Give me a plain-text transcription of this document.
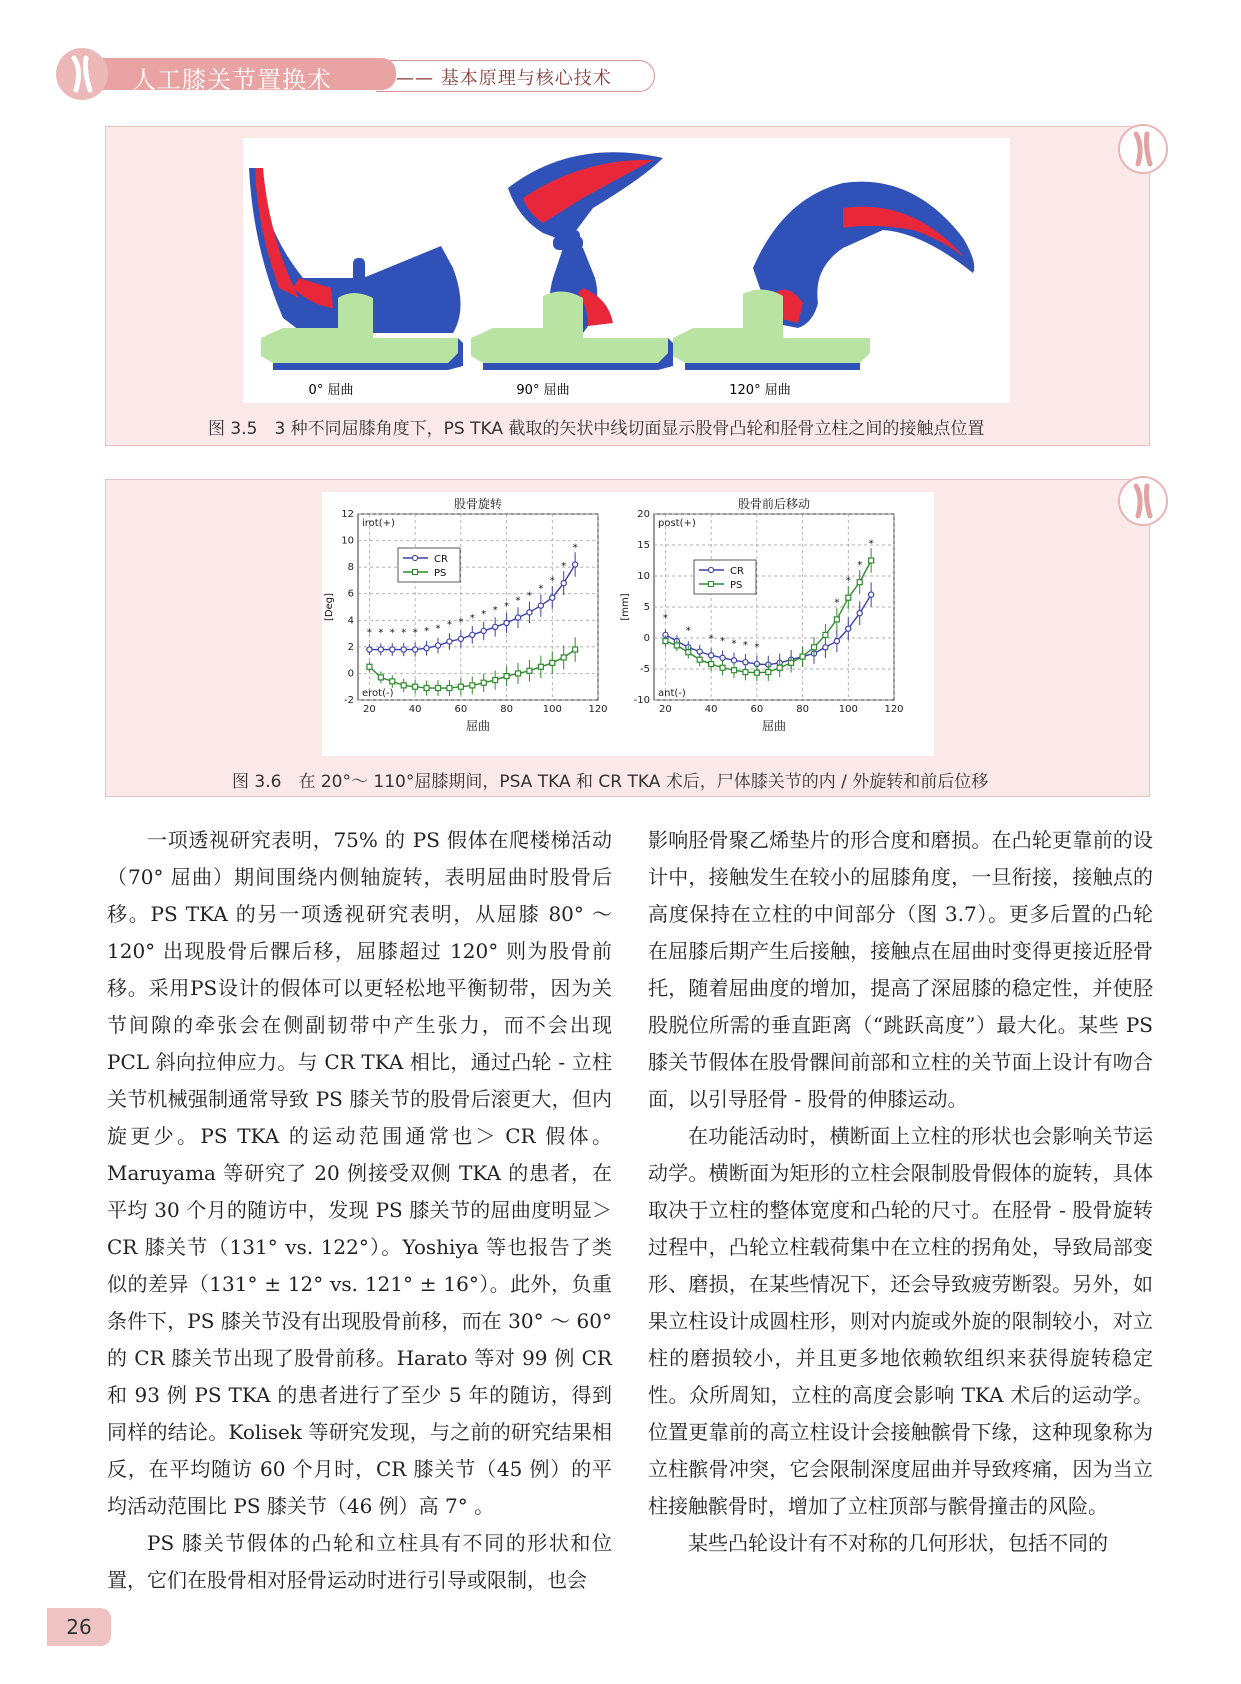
人工膝关节置换术	—— 基本原理与核心技术
0° 屈曲	90° 屈曲	120° 屈曲
图 3.5　3 种不同屈膝角度下，PS TKA 截取的矢状中线切面显示股骨凸轮和胫骨立柱之间的接触点位置
20	40	60	80	100	120
-2
0
2
4
6
8
10
12
股骨旋转
屈曲
[Deg]
irot(+)
erot(-)
* * * * * * * * * * * * * * *
*
*
*
*
CR
PS
20	40	60	80	100	120
-10
-5
0
5
10
15
20
股骨前后移动
屈曲
[mm]
post(+)
ant(-)
*
*
* * * * *
*
*
*
*
CR
PS
图 3.6　在 20°～ 110°屈膝期间，PSA TKA 和 CR TKA 术后，尸体膝关节的内 / 外旋转和前后位移

一项透视研究表明，75% 的 PS 假体在爬楼梯活动（70° 屈曲）期间围绕内侧轴旋转，表明屈曲时股骨后移。PS TKA 的另一项透视研究表明，从屈膝 80° ～ 120° 出现股骨后髁后移，屈膝超过 120° 则为股骨前移。采用PS设计的假体可以更轻松地平衡韧带，因为关节间隙的牵张会在侧副韧带中产生张力，而不会出现 PCL 斜向拉伸应力。与 CR TKA 相比，通过凸轮 - 立柱关节机械强制通常导致 PS 膝关节的股骨后滚更大，但内旋更少。PS TKA 的运动范围通常也＞ CR 假体。Maruyama 等研究了 20 例接受双侧 TKA 的患者，在平均 30 个月的随访中，发现 PS 膝关节的屈曲度明显＞ CR 膝关节（131° vs. 122°）。Yoshiya 等也报告了类似的差异（131° ± 12° vs. 121° ± 16°）。此外，负重条件下，PS 膝关节没有出现股骨前移，而在 30° ～ 60° 的 CR 膝关节出现了股骨前移。Harato 等对 99 例 CR 和 93 例 PS TKA 的患者进行了至少 5 年的随访，得到同样的结论。Kolisek 等研究发现，与之前的研究结果相反，在平均随访 60 个月时，CR 膝关节（45 例）的平均活动范围比 PS 膝关节（46 例）高 7° 。

PS 膝关节假体的凸轮和立柱具有不同的形状和位置，它们在股骨相对胫骨运动时进行引导或限制，也会

影响胫骨聚乙烯垫片的形合度和磨损。在凸轮更靠前的设计中，接触发生在较小的屈膝角度，一旦衔接，接触点的高度保持在立柱的中间部分（图 3.7）。更多后置的凸轮在屈膝后期产生后接触，接触点在屈曲时变得更接近胫骨托，随着屈曲度的增加，提高了深屈膝的稳定性，并使胫股脱位所需的垂直距离（“跳跃高度”）最大化。某些 PS 膝关节假体在股骨髁间前部和立柱的关节面上设计有吻合面，以引导胫骨 - 股骨的伸膝运动。

在功能活动时，横断面上立柱的形状也会影响关节运动学。横断面为矩形的立柱会限制股骨假体的旋转，具体取决于立柱的整体宽度和凸轮的尺寸。在胫骨 - 股骨旋转过程中，凸轮立柱载荷集中在立柱的拐角处，导致局部变形、磨损，在某些情况下，还会导致疲劳断裂。另外，如果立柱设计成圆柱形，则对内旋或外旋的限制较小，对立柱的磨损较小，并且更多地依赖软组织来获得旋转稳定性。众所周知，立柱的高度会影响 TKA 术后的运动学。位置更靠前的高立柱设计会接触髌骨下缘，这种现象称为立柱髌骨冲突，它会限制深度屈曲并导致疼痛，因为当立柱接触髌骨时，增加了立柱顶部与髌骨撞击的风险。

某些凸轮设计有不对称的几何形状，包括不同的

26
